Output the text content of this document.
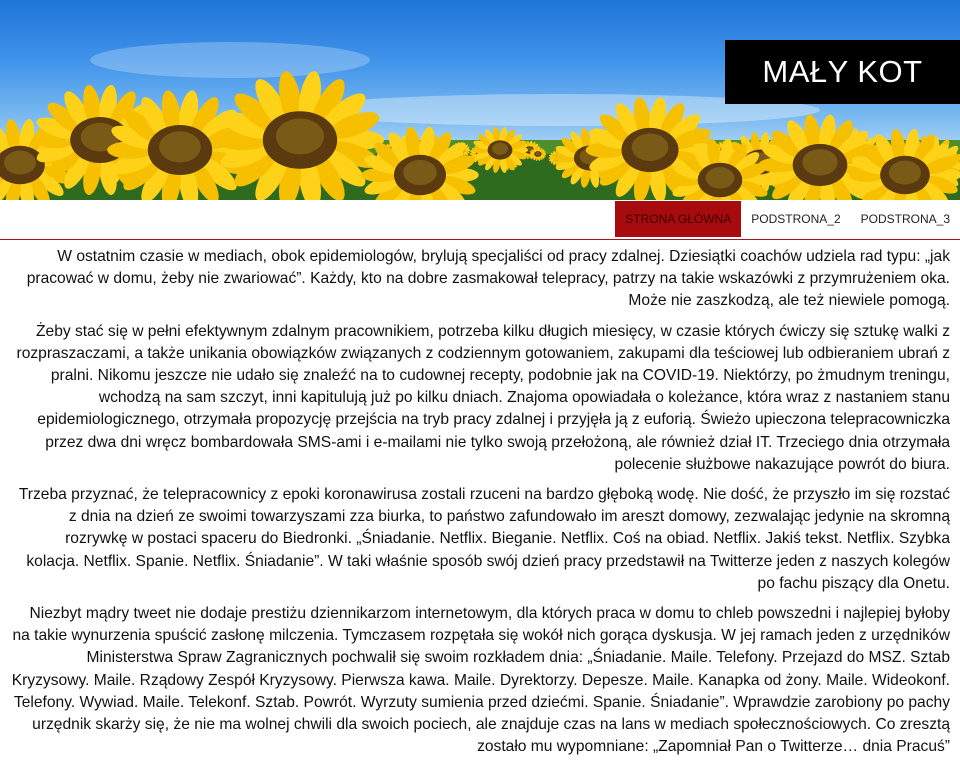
MAŁY KOT
STRONA GŁÓWNA	PODSTRONA_2	PODSTRONA_3

W ostatnim czasie w mediach, obok epidemiologów, brylują specjaliści od pracy zdalnej. Dziesiątki coachów udziela rad typu: „jak pracować w domu, żeby nie zwariować”. Każdy, kto na dobre zasmakował telepracy, patrzy na takie wskazówki z przymrużeniem oka. Może nie zaszkodzą, ale też niewiele pomogą.

Żeby stać się w pełni efektywnym zdalnym pracownikiem, potrzeba kilku długich miesięcy, w czasie których ćwiczy się sztukę walki z rozpraszaczami, a także unikania obowiązków związanych z codziennym gotowaniem, zakupami dla teściowej lub odbieraniem ubrań z pralni. Nikomu jeszcze nie udało się znaleźć na to cudownej recepty, podobnie jak na COVID-19. Niektórzy, po żmudnym treningu, wchodzą na sam szczyt, inni kapitulują już po kilku dniach. Znajoma opowiadała o koleżance, która wraz z nastaniem stanu epidemiologicznego, otrzymała propozycję przejścia na tryb pracy zdalnej i przyjęła ją z euforią. Świeżo upieczona telepracowniczka przez dwa dni wręcz bombardowała SMS-ami i e-mailami nie tylko swoją przełożoną, ale również dział IT. Trzeciego dnia otrzymała polecenie służbowe nakazujące powrót do biura.

Trzeba przyznać, że telepracownicy z epoki koronawirusa zostali rzuceni na bardzo głęboką wodę. Nie dość, że przyszło im się rozstać z dnia na dzień ze swoimi towarzyszami zza biurka, to państwo zafundowało im areszt domowy, zezwalając jedynie na skromną rozrywkę w postaci spaceru do Biedronki. „Śniadanie. Netflix. Bieganie. Netflix. Coś na obiad. Netflix. Jakiś tekst. Netflix. Szybka kolacja. Netflix. Spanie. Netflix. Śniadanie”. W taki właśnie sposób swój dzień pracy przedstawił na Twitterze jeden z naszych kolegów po fachu piszący dla Onetu.

Niezbyt mądry tweet nie dodaje prestiżu dziennikarzom internetowym, dla których praca w domu to chleb powszedni i najlepiej byłoby na takie wynurzenia spuścić zasłonę milczenia. Tymczasem rozpętała się wokół nich gorąca dyskusja. W jej ramach jeden z urzędników Ministerstwa Spraw Zagranicznych pochwalił się swoim rozkładem dnia: „Śniadanie. Maile. Telefony. Przejazd do MSZ. Sztab Kryzysowy. Maile. Rządowy Zespół Kryzysowy. Pierwsza kawa. Maile. Dyrektorzy. Depesze. Maile. Kanapka od żony. Maile. Wideokonf. Telefony. Wywiad. Maile. Telekonf. Sztab. Powrót. Wyrzuty sumienia przed dziećmi. Spanie. Śniadanie”. Wprawdzie zarobiony po pachy urzędnik skarży się, że nie ma wolnej chwili dla swoich pociech, ale znajduje czas na lans w mediach społecznościowych. Co zresztą zostało mu wypomniane: „Zapomniał Pan o Twitterze… dnia Pracuś”
